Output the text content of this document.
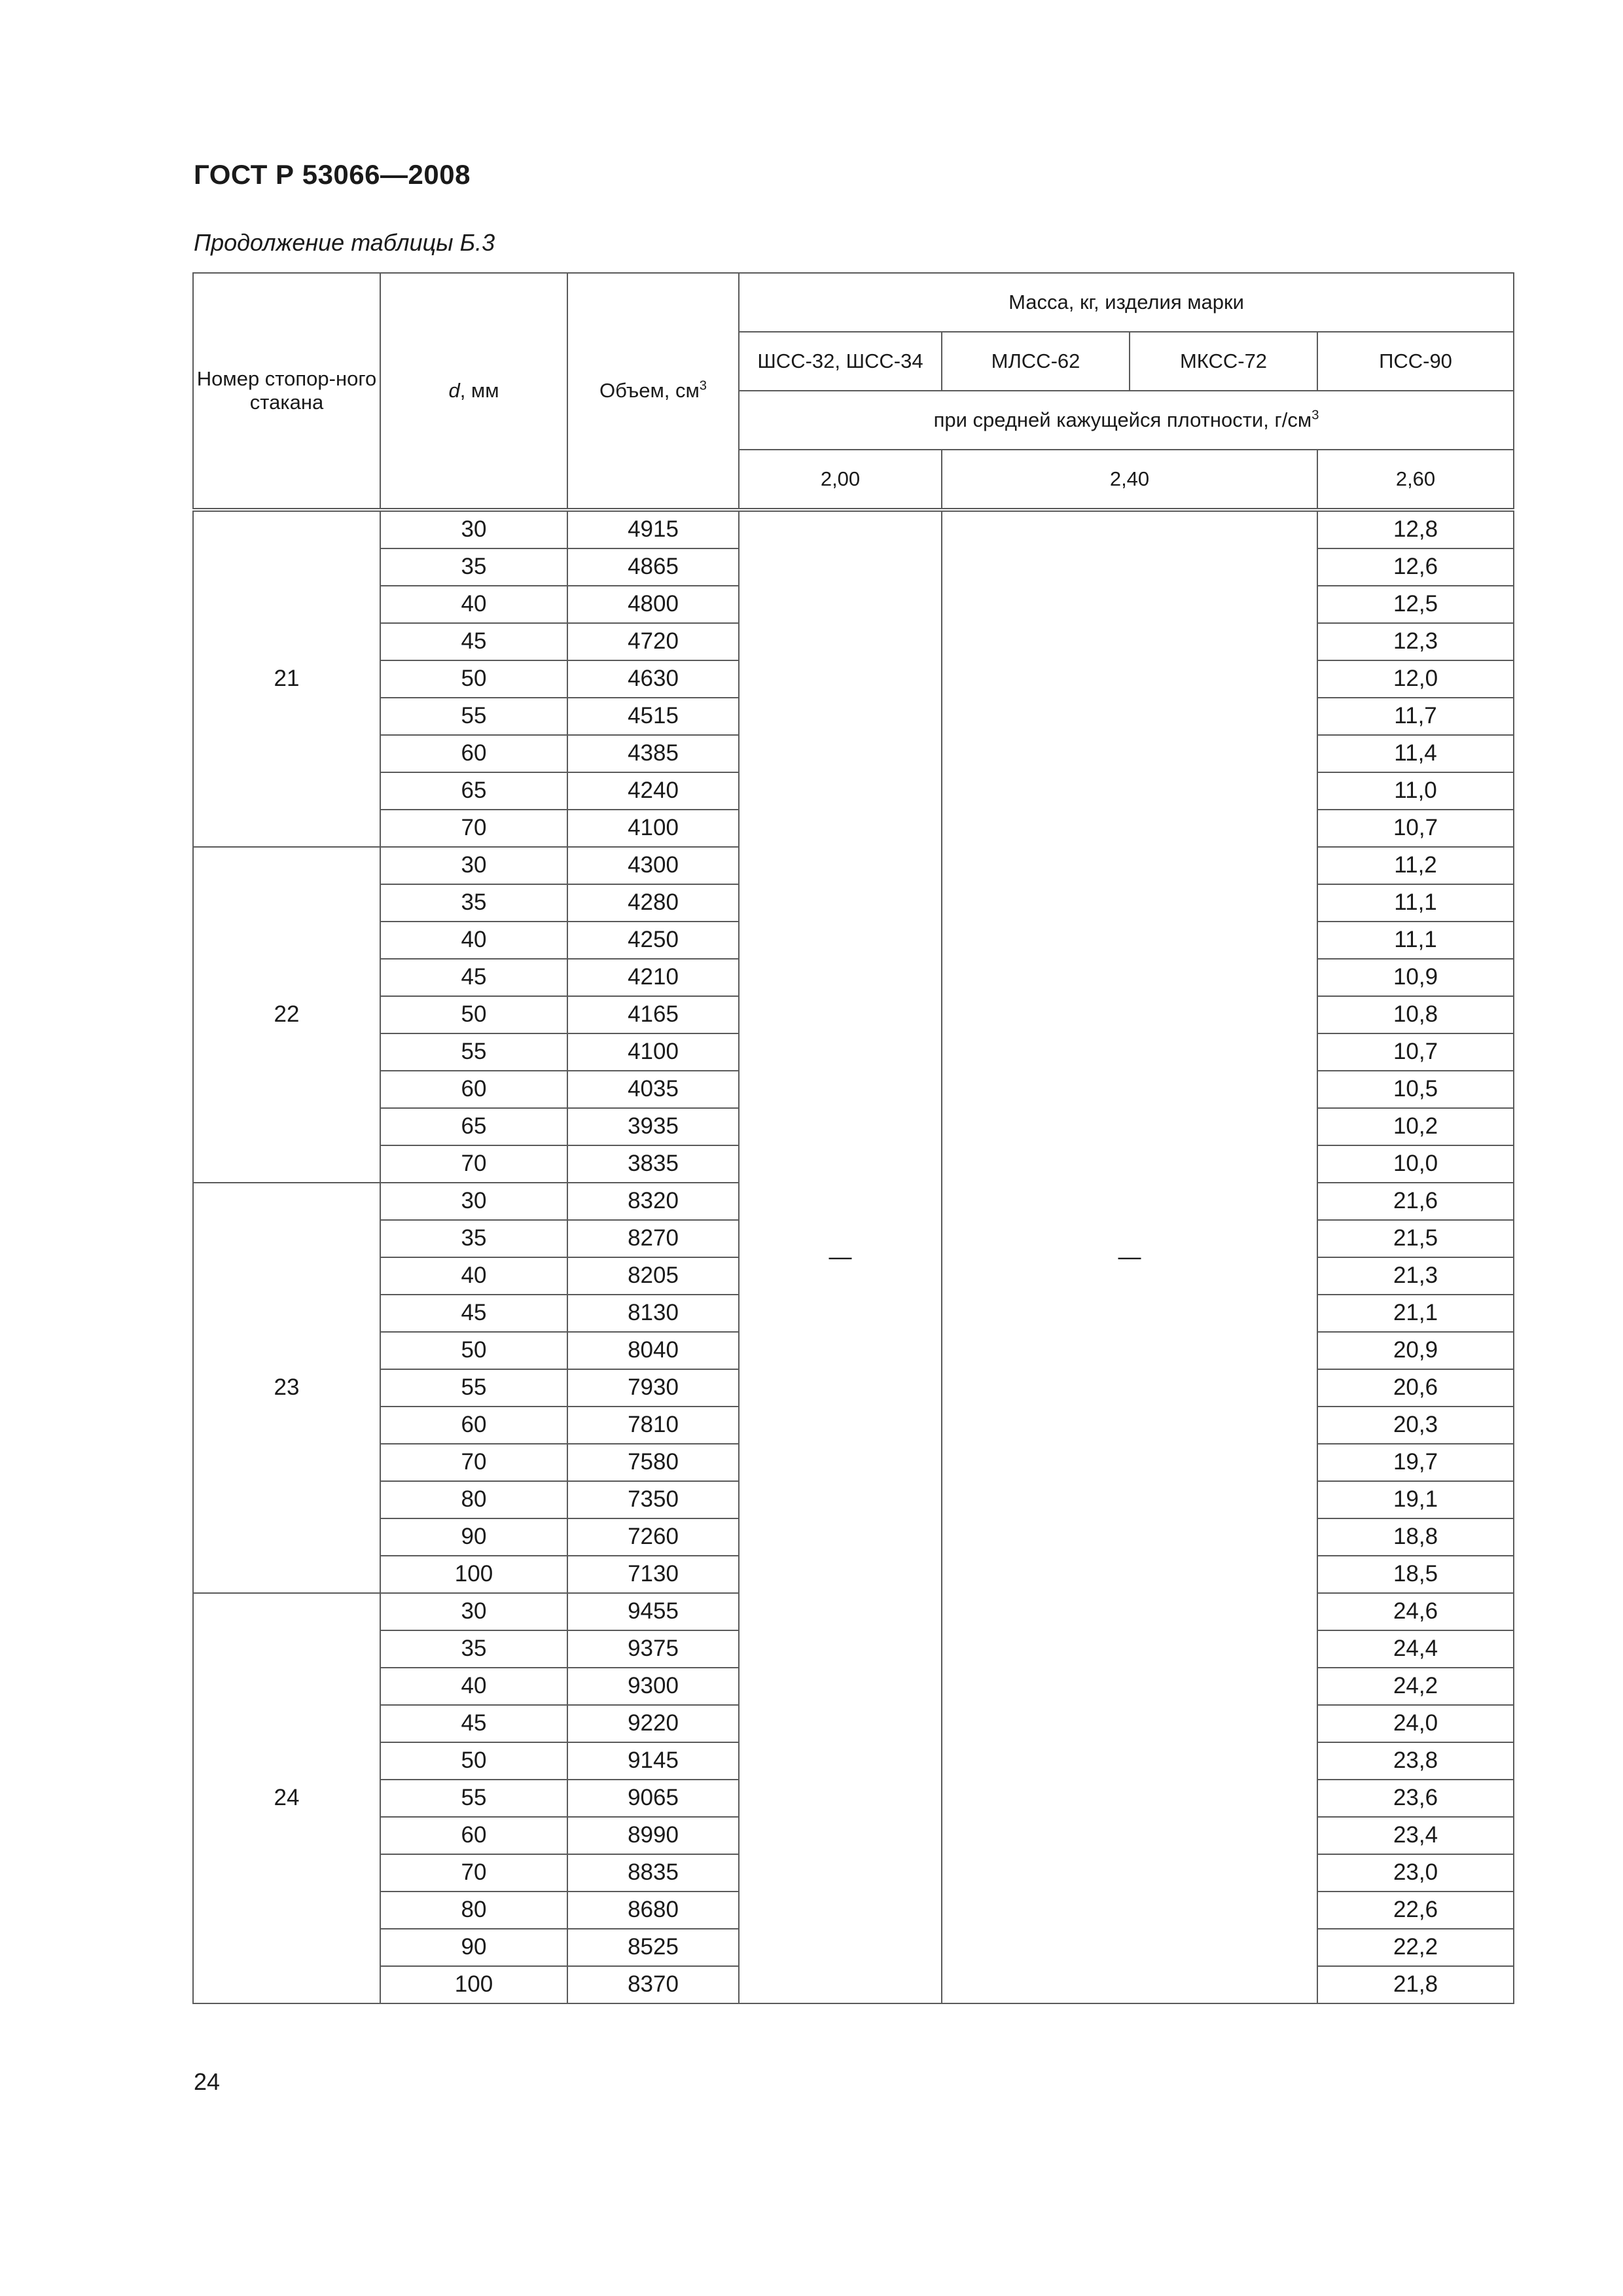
ГОСТ Р 53066—2008
Продолжение таблицы Б.3
Номер стопор-ного стакана	d, мм	Объем, $см^3$	Масса, кг, изделия марки			
			ШСС-32, ШСС-34	МЛСС-62	МКСС-72	ПСС-90
			при средней кажущейся плотности, $г/см^3$
			2,00	2,40		2,60
21	30	4915	—	—		12,8
	35	4865				12,6
	40	4800				12,5
	45	4720				12,3
	50	4630				12,0
	55	4515				11,7
	60	4385				11,4
	65	4240				11,0
	70	4100				10,7
22	30	4300				11,2
	35	4280				11,1
	40	4250				11,1
	45	4210				10,9
	50	4165				10,8
	55	4100				10,7
	60	4035				10,5
	65	3935				10,2
	70	3835				10,0
23	30	8320				21,6
	35	8270				21,5
	40	8205				21,3
	45	8130				21,1
	50	8040				20,9
	55	7930				20,6
	60	7810				20,3
	70	7580				19,7
	80	7350				19,1
	90	7260				18,8
	100	7130				18,5
24	30	9455				24,6
	35	9375				24,4
	40	9300				24,2
	45	9220				24,0
	50	9145				23,8
	55	9065				23,6
	60	8990				23,4
	70	8835				23,0
	80	8680				22,6
	90	8525				22,2
	100	8370				21,8
24
